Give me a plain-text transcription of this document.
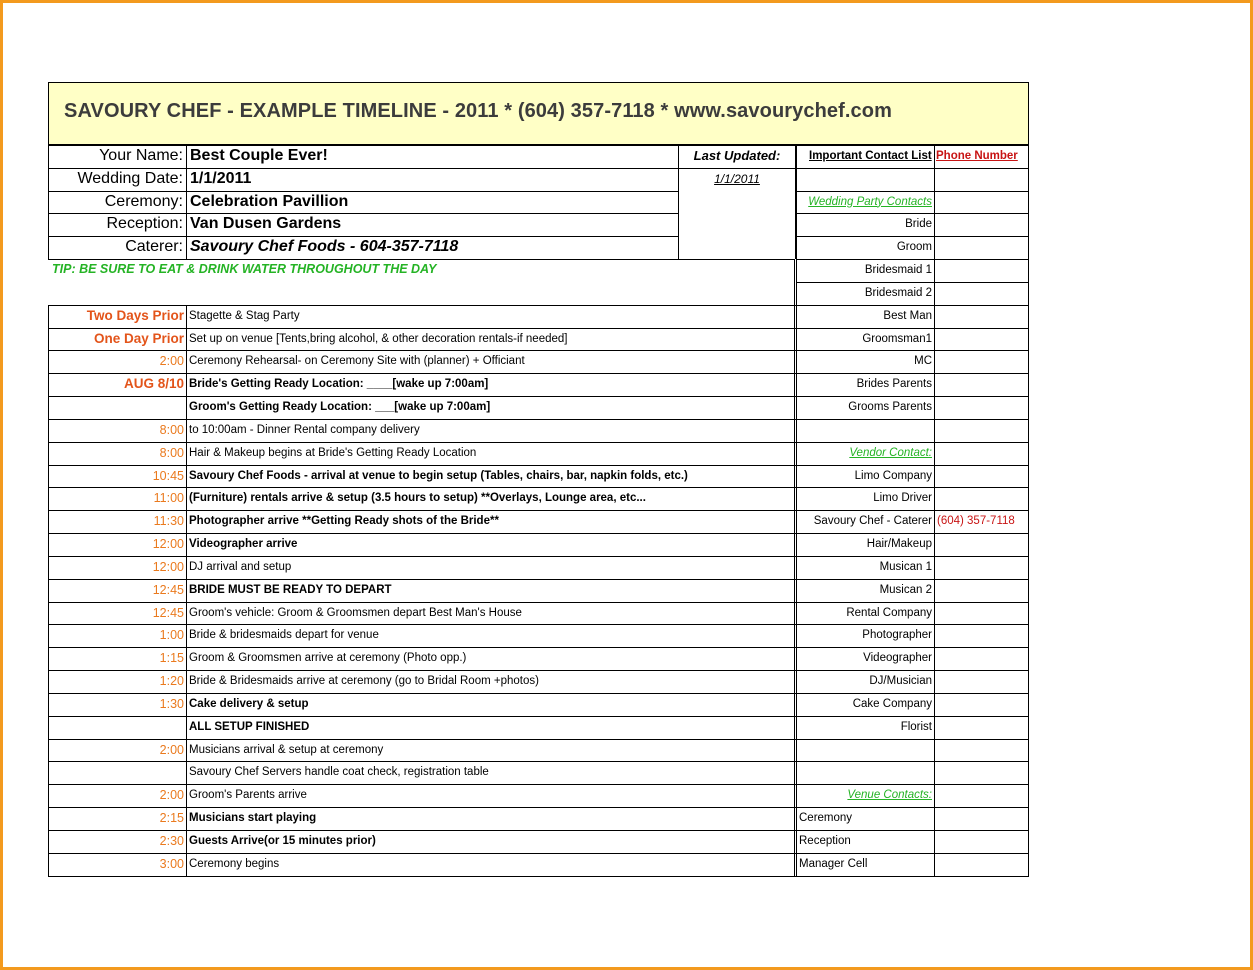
SAVOURY CHEF - EXAMPLE TIMELINE - 2011 * (604) 357-7118 * www.savourychef.com
Your Name: Best Couple Ever!
Wedding Date: 1/1/2011
Ceremony: Celebration Pavillion
Reception: Van Dusen Gardens
Caterer: Savoury Chef Foods - 604-357-7118
Last Updated:
1/1/2011
TIP: BE SURE TO EAT & DRINK WATER THROUGHOUT THE DAY
Two Days Prior Stagette & Stag Party
One Day Prior Set up on venue [Tents,bring alcohol, & other decoration rentals-if needed]
2:00 Ceremony Rehearsal- on Ceremony Site with (planner) + Officiant
AUG 8/10 Bride's Getting Ready Location: ____[wake up 7:00am]
Groom's Getting Ready Location: ___[wake up 7:00am]
8:00 to 10:00am - Dinner Rental company delivery
8:00 Hair & Makeup begins at Bride's Getting Ready Location
10:45 Savoury Chef Foods - arrival at venue to begin setup (Tables, chairs, bar, napkin folds, etc.)
11:00 (Furniture) rentals arrive & setup (3.5 hours to setup) **Overlays, Lounge area, etc...
11:30 Photographer arrive **Getting Ready shots of the Bride**
12:00 Videographer arrive
12:00 DJ arrival and setup
12:45 BRIDE MUST BE READY TO DEPART
12:45 Groom's vehicle: Groom & Groomsmen depart Best Man's House
1:00 Bride & bridesmaids depart for venue
1:15 Groom & Groomsmen arrive at ceremony (Photo opp.)
1:20 Bride & Bridesmaids arrive at ceremony (go to Bridal Room +photos)
1:30 Cake delivery & setup
ALL SETUP FINISHED
2:00 Musicians arrival & setup at ceremony
Savoury Chef Servers handle coat check, registration table
2:00 Groom's Parents arrive
2:15 Musicians start playing
2:30 Guests Arrive(or 15 minutes prior)
3:00 Ceremony begins
Important Contact List Phone Number
Wedding Party Contacts
Bride
Groom
Bridesmaid 1
Bridesmaid 2
Best Man
Groomsman1
MC
Brides Parents
Grooms Parents
Vendor Contact:
Limo Company
Limo Driver
Savoury Chef - Caterer (604) 357-7118
Hair/Makeup
Musican 1
Musican 2
Rental Company
Photographer
Videographer
DJ/Musician
Cake Company
Florist
Venue Contacts:
Ceremony
Reception
Manager Cell
